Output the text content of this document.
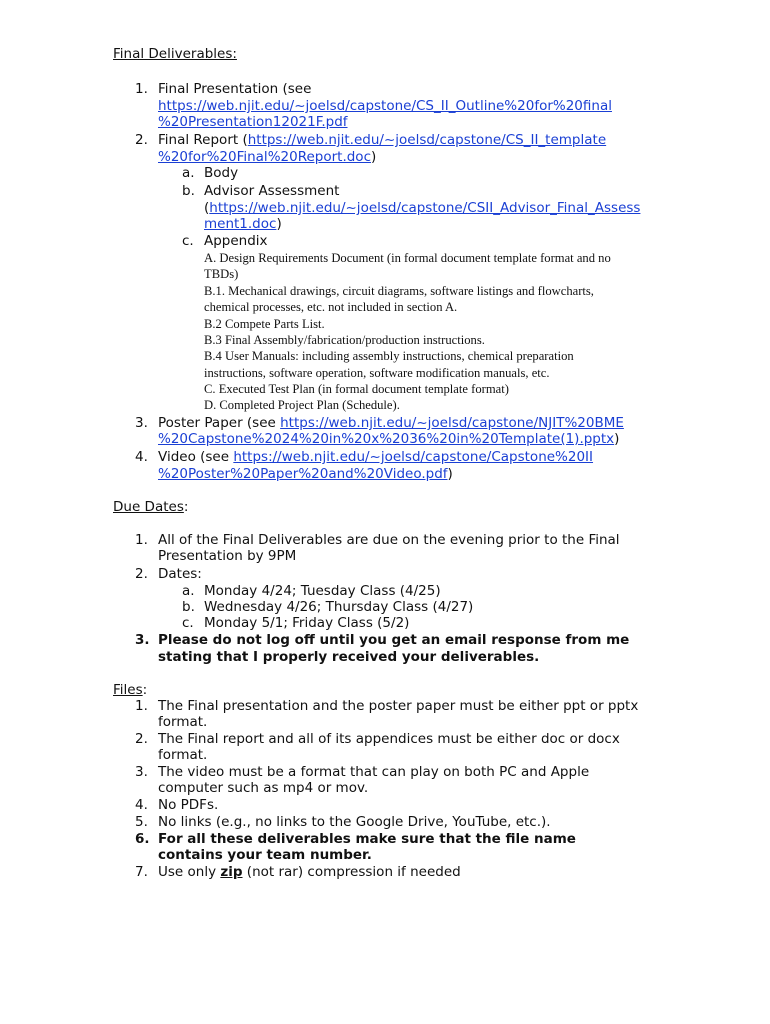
Final Deliverables:
1. Final Presentation (see
https://web.njit.edu/~joelsd/capstone/CS_II_Outline%20for%20final
%20Presentation12021F.pdf
2. Final Report (https://web.njit.edu/~joelsd/capstone/CS_II_template
%20for%20Final%20Report.doc)
a. Body
b. Advisor Assessment
(https://web.njit.edu/~joelsd/capstone/CSII_Advisor_Final_Assess
ment1.doc)
c. Appendix
A. Design Requirements Document (in formal document template format and no
TBDs)
B.1. Mechanical drawings, circuit diagrams, software listings and flowcharts,
chemical processes, etc. not included in section A.
B.2 Compete Parts List.
B.3 Final Assembly/fabrication/production instructions.
B.4 User Manuals: including assembly instructions, chemical preparation
instructions, software operation, software modification manuals, etc.
C. Executed Test Plan (in formal document template format)
D. Completed Project Plan (Schedule).
3. Poster Paper (see https://web.njit.edu/~joelsd/capstone/NJIT%20BME
%20Capstone%2024%20in%20x%2036%20in%20Template(1).pptx)
4. Video (see https://web.njit.edu/~joelsd/capstone/Capstone%20II
%20Poster%20Paper%20and%20Video.pdf)
Due Dates:
1. All of the Final Deliverables are due on the evening prior to the Final
Presentation by 9PM
2. Dates:
a. Monday 4/24; Tuesday Class (4/25)
b. Wednesday 4/26; Thursday Class (4/27)
c. Monday 5/1; Friday Class (5/2)
3. Please do not log off until you get an email response from me
stating that I properly received your deliverables.
Files:
1. The Final presentation and the poster paper must be either ppt or pptx
format.
2. The Final report and all of its appendices must be either doc or docx
format.
3. The video must be a format that can play on both PC and Apple
computer such as mp4 or mov.
4. No PDFs.
5. No links (e.g., no links to the Google Drive, YouTube, etc.).
6. For all these deliverables make sure that the file name
contains your team number.
7. Use only zip (not rar) compression if needed
